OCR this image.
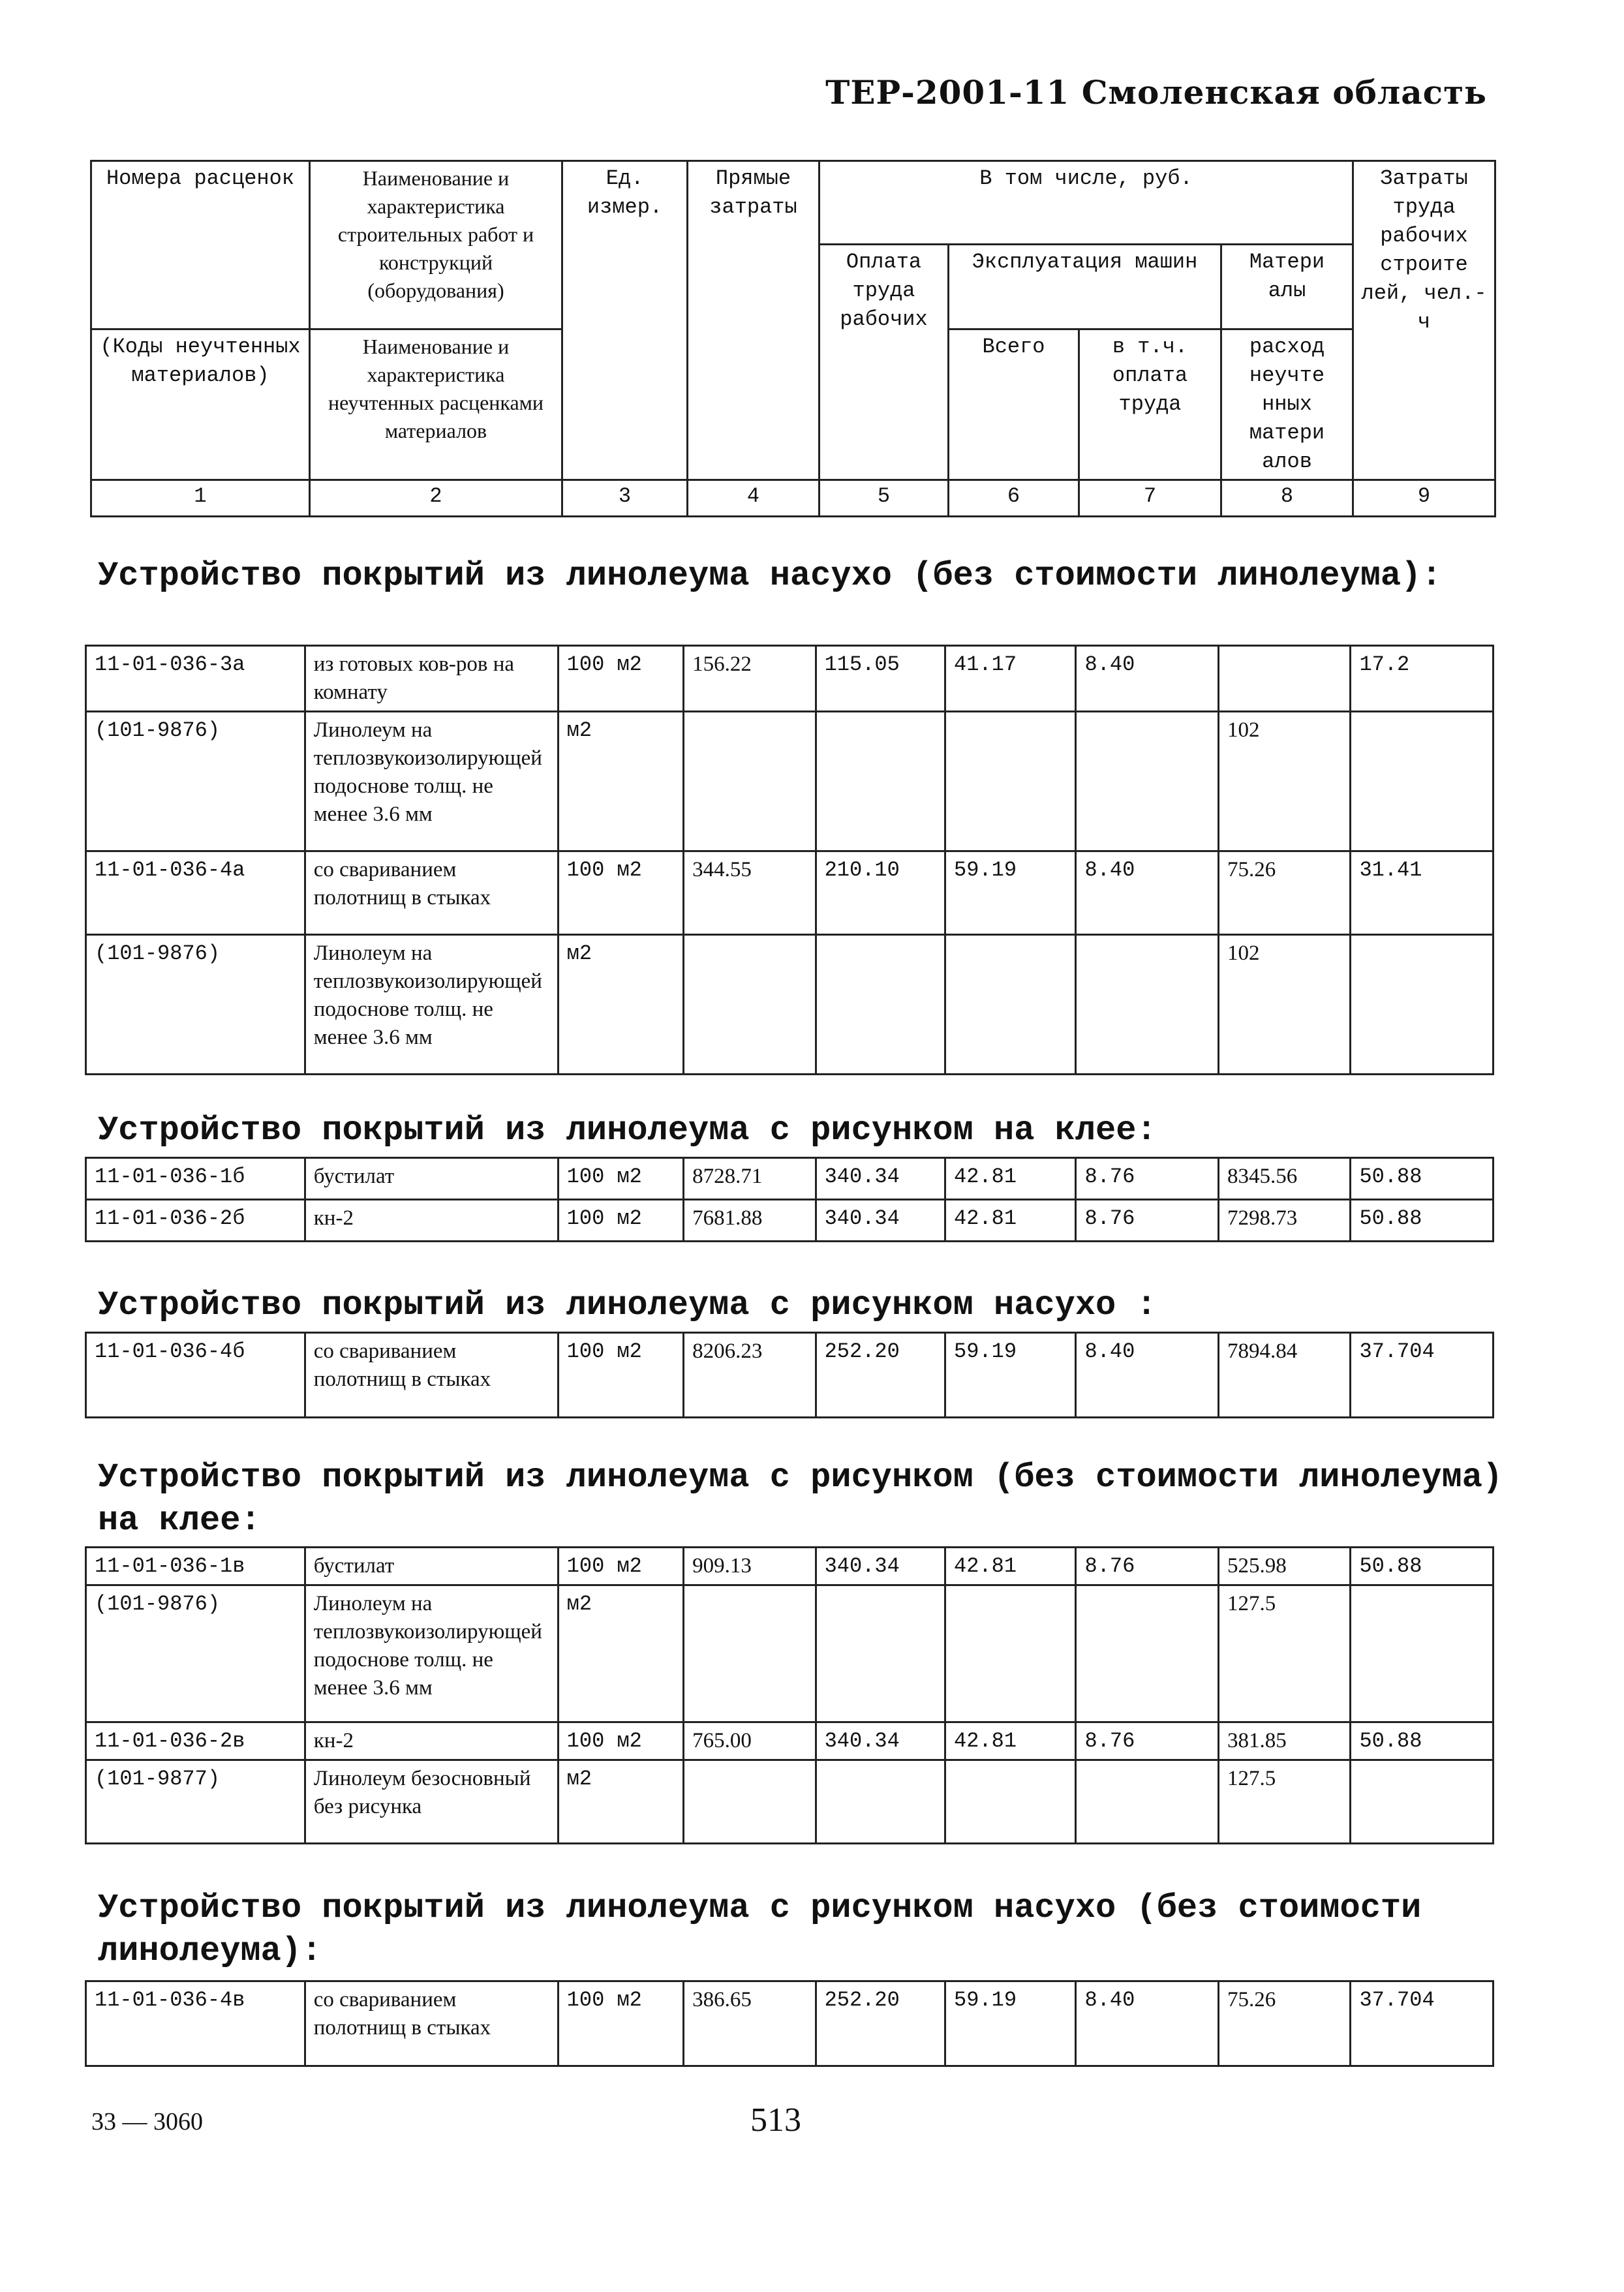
ТЕР-2001-11 Смоленская область
Номера расценок	Наименование и характеристика строительных работ и конструкций (оборудования)	Ед. измер.	Прямые затраты	В том числе, руб.				Затраты труда рабочих строите лей, чел.-ч
				Оплата труда рабочих	Эксплуатация машин		Матери алы	
(Коды неучтенных материалов)	Наименование и характеристика неучтенных расценками материалов				Всего	в т.ч. оплата труда	расход неучте нных матери алов	
1	2	3	4	5	6	7	8	9
Устройство покрытий из линолеума насухо (без стоимости линолеума):
11-01-036-3а	из готовых ков-ров на комнату	100 м2	156.22	115.05	41.17	8.40		17.2
(101-9876)	Линолеум на теплозвукоизолирующей подоснове толщ. не менее 3.6 мм	м2					102	
11-01-036-4а	со свариванием полотнищ в стыках	100 м2	344.55	210.10	59.19	8.40	75.26	31.41
(101-9876)	Линолеум на теплозвукоизолирующей подоснове толщ. не менее 3.6 мм	м2					102	
Устройство покрытий из линолеума с рисунком на клее:
11-01-036-1б	бустилат	100 м2	8728.71	340.34	42.81	8.76	8345.56	50.88
11-01-036-2б	кн-2	100 м2	7681.88	340.34	42.81	8.76	7298.73	50.88
Устройство покрытий из линолеума с рисунком насухо :
11-01-036-4б	со свариванием полотнищ в стыках	100 м2	8206.23	252.20	59.19	8.40	7894.84	37.704
Устройство покрытий из линолеума с рисунком (без стоимости линолеума) на клее:
11-01-036-1в	бустилат	100 м2	909.13	340.34	42.81	8.76	525.98	50.88
(101-9876)	Линолеум на теплозвукоизолирующей подоснове толщ. не менее 3.6 мм	м2					127.5	
11-01-036-2в	кн-2	100 м2	765.00	340.34	42.81	8.76	381.85	50.88
(101-9877)	Линолеум безосновный без рисунка	м2					127.5	
Устройство покрытий из линолеума с рисунком насухо (без стоимости линолеума):
11-01-036-4в	со свариванием полотнищ в стыках	100 м2	386.65	252.20	59.19	8.40	75.26	37.704
33 — 3060	513
